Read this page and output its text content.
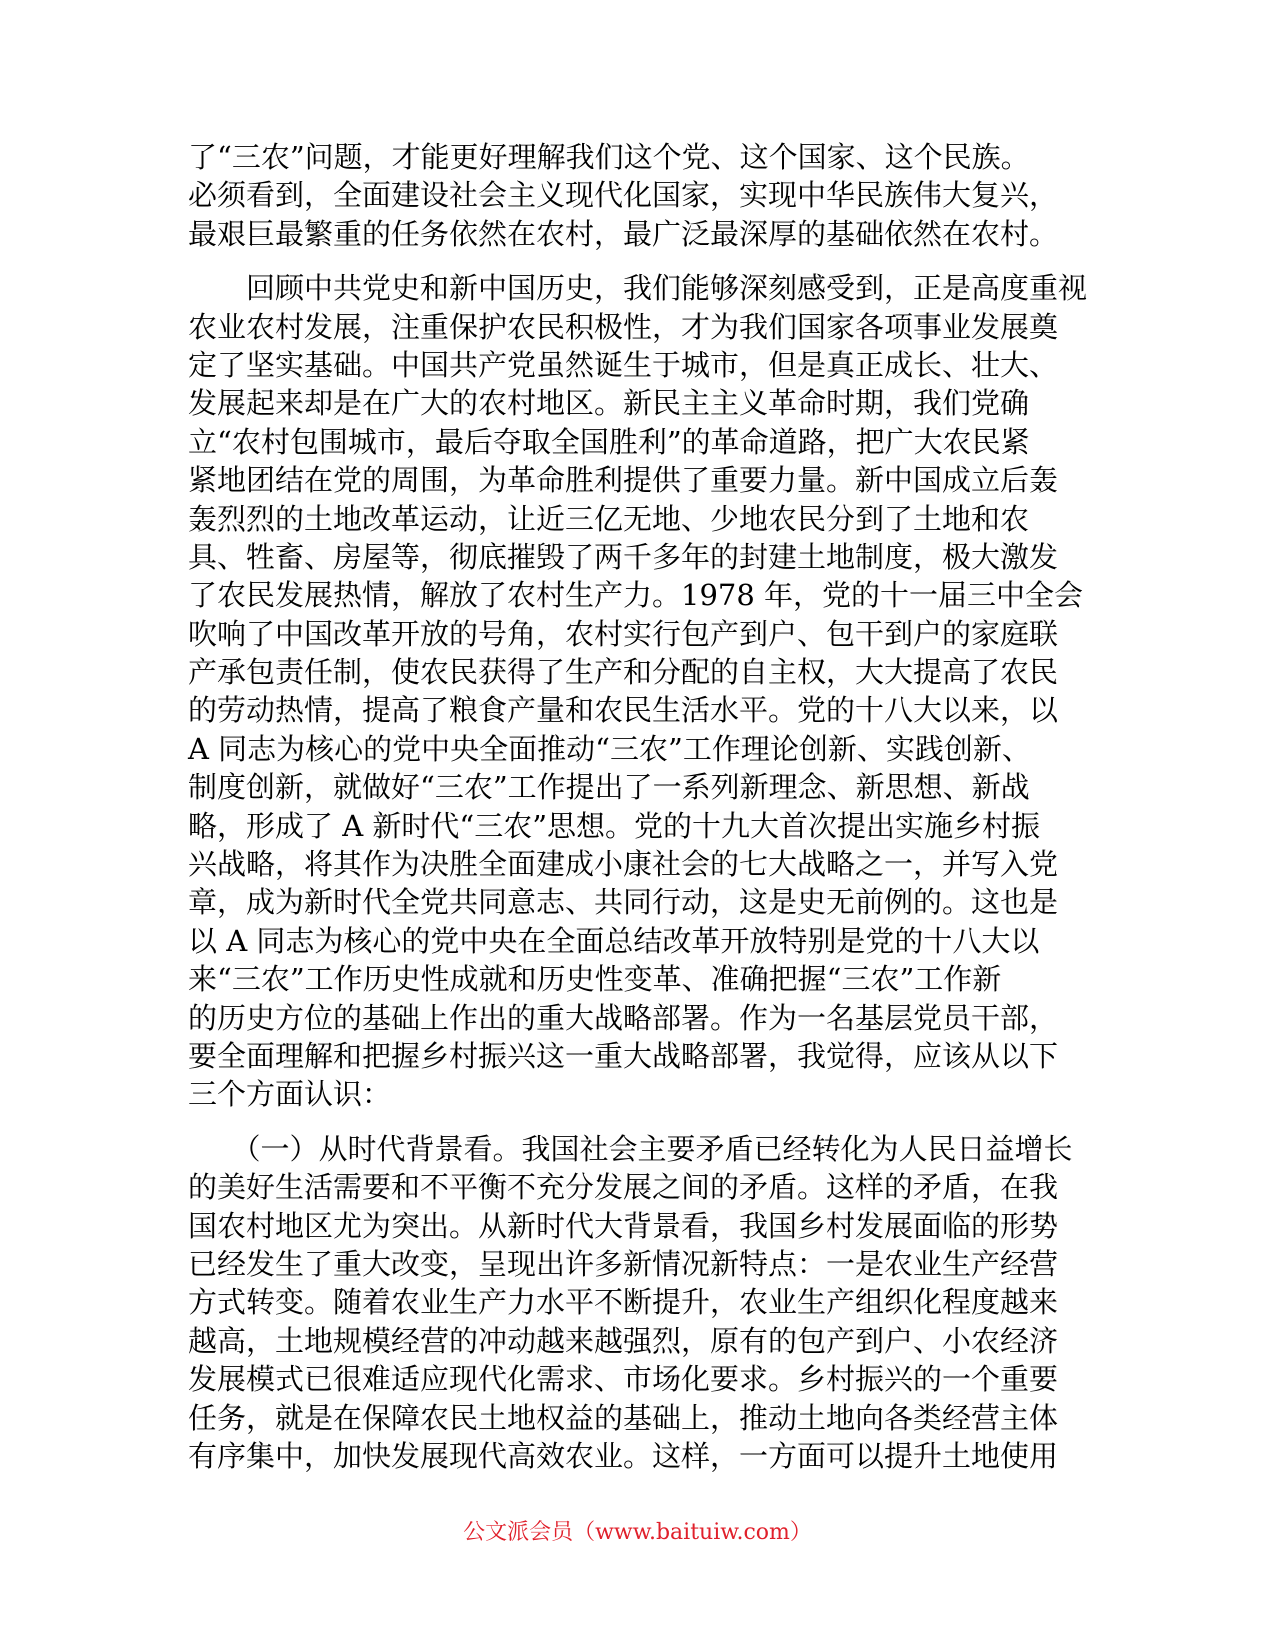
了“三农”问题，才能更好理解我们这个党、这个国家、这个民族。
必须看到，全面建设社会主义现代化国家，实现中华民族伟大复兴，
最艰巨最繁重的任务依然在农村，最广泛最深厚的基础依然在农村。
　　回顾中共党史和新中国历史，我们能够深刻感受到，正是高度重视
农业农村发展，注重保护农民积极性，才为我们国家各项事业发展奠
定了坚实基础。中国共产党虽然诞生于城市，但是真正成长、壮大、
发展起来却是在广大的农村地区。新民主主义革命时期，我们党确
立“农村包围城市，最后夺取全国胜利”的革命道路，把广大农民紧
紧地团结在党的周围，为革命胜利提供了重要力量。新中国成立后轰
轰烈烈的土地改革运动，让近三亿无地、少地农民分到了土地和农
具、牲畜、房屋等，彻底摧毁了两千多年的封建土地制度，极大激发
了农民发展热情，解放了农村生产力。1978 年，党的十一届三中全会
吹响了中国改革开放的号角，农村实行包产到户、包干到户的家庭联
产承包责任制，使农民获得了生产和分配的自主权，大大提高了农民
的劳动热情，提高了粮食产量和农民生活水平。党的十八大以来，以
A 同志为核心的党中央全面推动“三农”工作理论创新、实践创新、
制度创新，就做好“三农”工作提出了一系列新理念、新思想、新战
略，形成了 A 新时代“三农”思想。党的十九大首次提出实施乡村振
兴战略，将其作为决胜全面建成小康社会的七大战略之一，并写入党
章，成为新时代全党共同意志、共同行动，这是史无前例的。这也是
以 A 同志为核心的党中央在全面总结改革开放特别是党的十八大以
来“三农”工作历史性成就和历史性变革、准确把握“三农”工作新
的历史方位的基础上作出的重大战略部署。作为一名基层党员干部，
要全面理解和把握乡村振兴这一重大战略部署，我觉得，应该从以下
三个方面认识：
　　（一）从时代背景看。我国社会主要矛盾已经转化为人民日益增长
的美好生活需要和不平衡不充分发展之间的矛盾。这样的矛盾，在我
国农村地区尤为突出。从新时代大背景看，我国乡村发展面临的形势
已经发生了重大改变，呈现出许多新情况新特点：一是农业生产经营
方式转变。随着农业生产力水平不断提升，农业生产组织化程度越来
越高，土地规模经营的冲动越来越强烈，原有的包产到户、小农经济
发展模式已很难适应现代化需求、市场化要求。乡村振兴的一个重要
任务，就是在保障农民土地权益的基础上，推动土地向各类经营主体
有序集中，加快发展现代高效农业。这样，一方面可以提升土地使用
公文派会员（www.baituiw.com）
